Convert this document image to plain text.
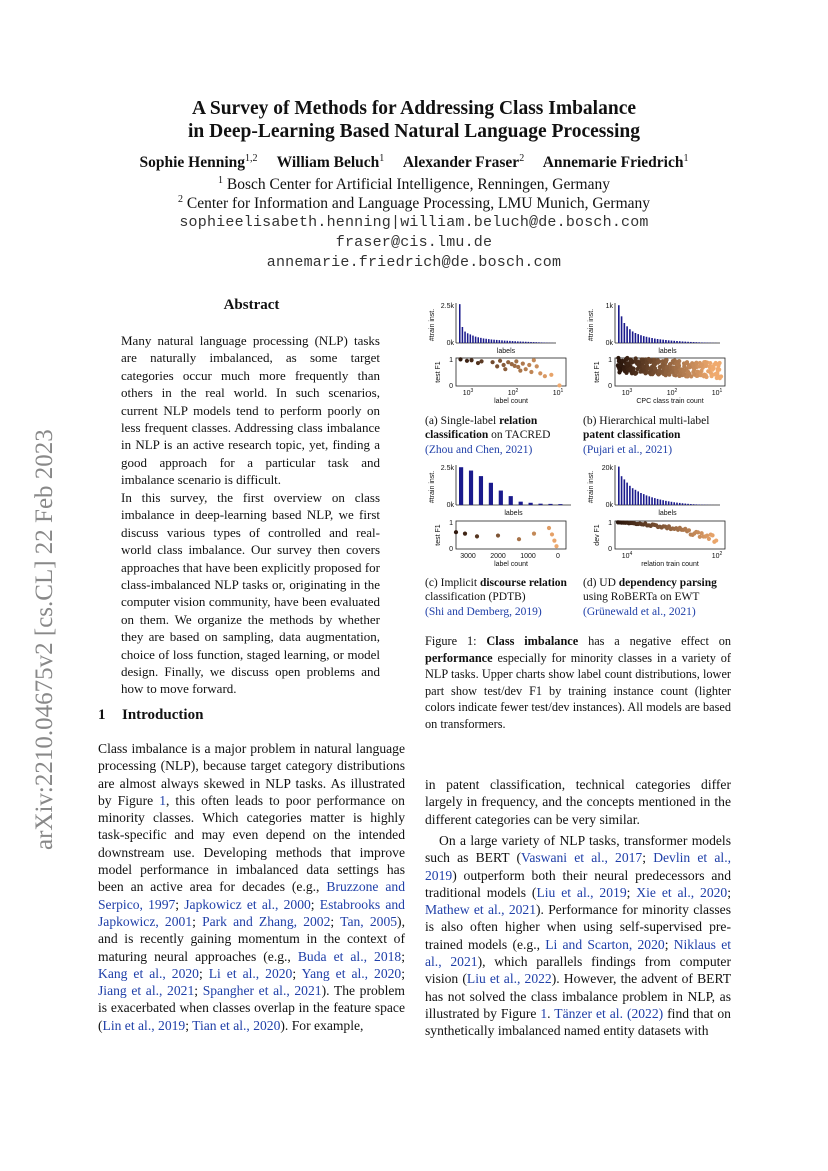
A Survey of Methods for Addressing Class Imbalance
in Deep-Learning Based Natural Language Processing
Sophie Henning$^{1,2}$ William Beluch$^1$ Alexander Fraser$^2$ Annemarie Friedrich$^1$
$^1$ Bosch Center for Artificial Intelligence, Renningen, Germany
$^2$ Center for Information and Language Processing, LMU Munich, Germany
sophieelisabeth.henning|william.beluch@de.bosch.com
fraser@cis.lmu.de
annemarie.friedrich@de.bosch.com
arXiv:2210.04675v2 [cs.CL] 22 Feb 2023
Abstract
Many natural language processing (NLP) tasks are naturally imbalanced, as some target categories occur much more frequently than others in the real world. In such scenarios, current NLP models tend to perform poorly on less frequent classes. Addressing class imbalance in NLP is an active research topic, yet, finding a good approach for a particular task and imbalance scenario is difficult.
In this survey, the first overview on class imbalance in deep-learning based NLP, we first discuss various types of controlled and real-world class imbalance. Our survey then covers approaches that have been explicitly proposed for class-imbalanced NLP tasks or, originating in the computer vision community, have been evaluated on them. We organize the methods by whether they are based on sampling, data augmentation, choice of loss function, staged learning, or model design. Finally, we discuss open problems and how to move forward.
1 Introduction

Class imbalance is a major problem in natural language processing (NLP), because target category distributions are almost always skewed in NLP tasks. As illustrated by Figure 1, this often leads to poor performance on minority classes. Which categories matter is highly task-specific and may even depend on the intended downstream use. Developing methods that improve model performance in imbalanced data settings has been an active area for decades (e.g., Bruzzone and Serpico, 1997; Japkowicz et al., 2000; Estabrooks and Japkowicz, 2001; Park and Zhang, 2002; Tan, 2005), and is recently gaining momentum in the context of maturing neural approaches (e.g., Buda et al., 2018; Kang et al., 2020; Li et al., 2020; Yang et al., 2020; Jiang et al., 2021; Spangher et al., 2021). The problem is exacerbated when classes overlap in the feature space (Lin et al., 2019; Tian et al., 2020). For example,

in patent classification, technical categories differ largely in frequency, and the concepts mentioned in the different categories can be very similar.
On a large variety of NLP tasks, transformer models such as BERT (Vaswani et al., 2017; Devlin et al., 2019) outperform both their neural predecessors and traditional models (Liu et al., 2019; Xie et al., 2020; Mathew et al., 2021). Performance for minority classes is also often higher when using self-supervised pre-trained models (e.g., Li and Scarton, 2020; Niklaus et al., 2021), which parallels findings from computer vision (Liu et al., 2022). However, the advent of BERT has not solved the class imbalance problem in NLP, as illustrated by Figure 1. Tänzer et al. (2022) find that on synthetically imbalanced named entity datasets with
2.5k
0k
labels
#train inst.
1
0
test F1
$10^3$	$10^2$	$10^1$
label count
1k
0k
labels
#train inst.
1
0
test F1
$10^3$	$10^2$	$10^1$
CPC class train count
2.5k
0k
labels
#train inst.
1
0
test F1
3000 2000 1000	0
label count
20k
0k
labels
#train inst.
1
0
dev F1
$10^4$	$10^2$
relation train count
(a) Single-label relation classification on TACRED
(Zhou and Chen, 2021)
(b) Hierarchical multi-label patent classification
(Pujari et al., 2021)
(c) Implicit discourse relation classification (PDTB)
(Shi and Demberg, 2019)
(d) UD dependency parsing using RoBERTa on EWT
(Grünewald et al., 2021)
Figure 1: Class imbalance has a negative effect on performance especially for minority classes in a variety of NLP tasks. Upper charts show label count distributions, lower part show test/dev F1 by training instance count (lighter colors indicate fewer test/dev instances). All models are based on transformers.
